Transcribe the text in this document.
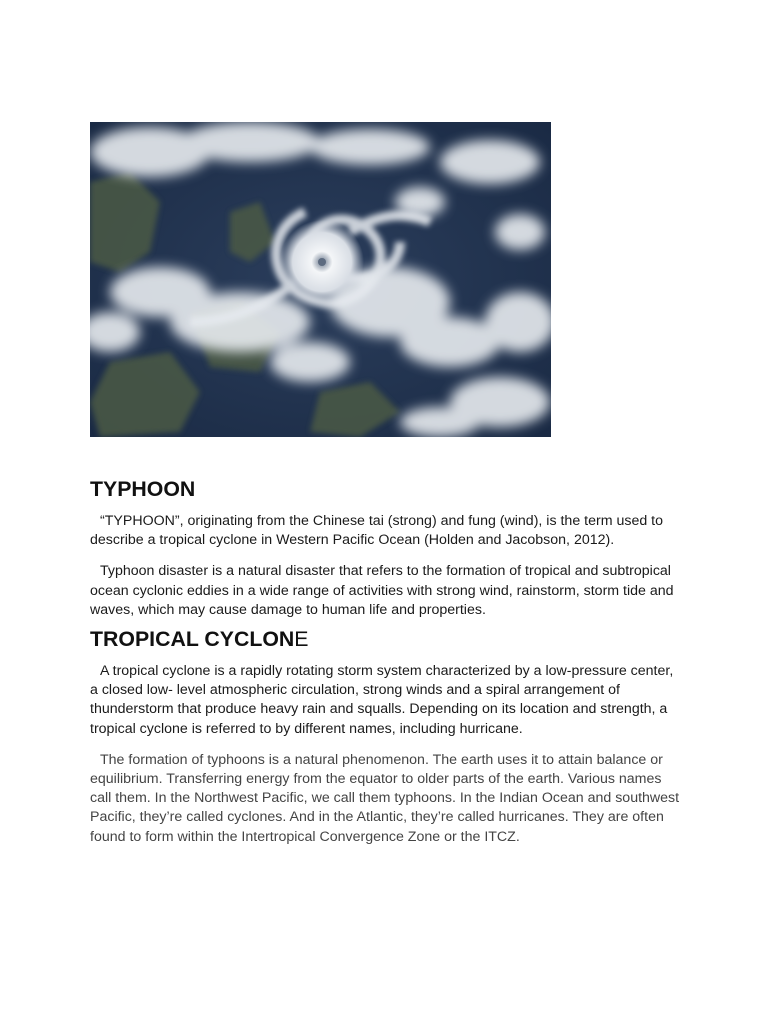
TYPHOON

“TYPHOON”, originating from the Chinese tai (strong) and fung (wind), is the term used to describe a tropical cyclone in Western Pacific Ocean (Holden and Jacobson, 2012).

Typhoon disaster is a natural disaster that refers to the formation of tropical and subtropical ocean cyclonic eddies in a wide range of activities with strong wind, rainstorm, storm tide and waves, which may cause damage to human life and properties.

TROPICAL CYCLONE

A tropical cyclone is a rapidly rotating storm system characterized by a low-pressure center, a closed low- level atmospheric circulation, strong winds and a spiral arrangement of thunderstorm that produce heavy rain and squalls. Depending on its location and strength, a tropical cyclone is referred to by different names, including hurricane.

The formation of typhoons is a natural phenomenon. The earth uses it to attain balance or equilibrium. Transferring energy from the equator to older parts of the earth. Various names call them. In the Northwest Pacific, we call them typhoons. In the Indian Ocean and southwest Pacific, they’re called cyclones. And in the Atlantic, they’re called hurricanes. They are often found to form within the Intertropical Convergence Zone or the ITCZ.
